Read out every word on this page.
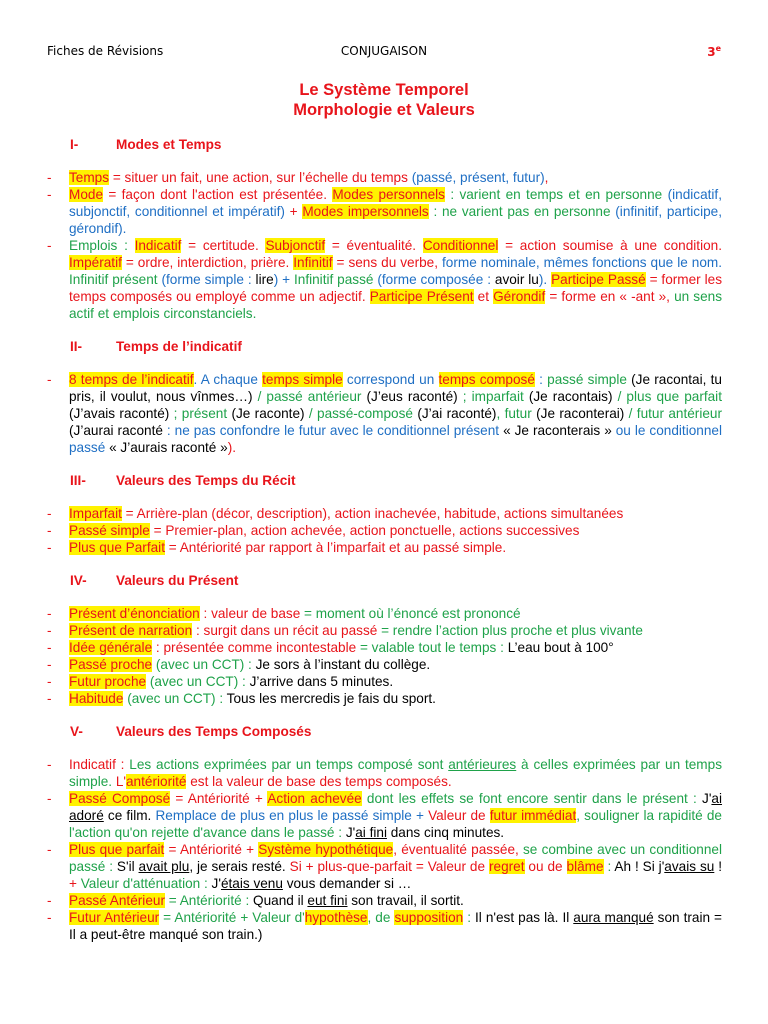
Fiches de Révisions	CONJUGAISON	3e
Le Système Temporel
Morphologie et Valeurs
I-	Modes et Temps
- Temps = situer un fait, une action, sur l’échelle du temps (passé, présent, futur),
- Mode = façon dont l'action est présentée. Modes personnels : varient en temps et en personne (indicatif, subjonctif, conditionnel et impératif) + Modes impersonnels : ne varient pas en personne (infinitif, participe, gérondif).
- Emplois : Indicatif = certitude. Subjonctif = éventualité. Conditionnel = action soumise à une condition. Impératif = ordre, interdiction, prière. Infinitif = sens du verbe, forme nominale, mêmes fonctions que le nom. Infinitif présent (forme simple : lire) + Infinitif passé (forme composée : avoir lu). Participe Passé = former les temps composés ou employé comme un adjectif. Participe Présent et Gérondif = forme en « -ant », un sens actif et emplois circonstanciels.
II- Temps de l’indicatif
- 8 temps de l’indicatif. A chaque temps simple correspond un temps composé : passé simple (Je racontai, tu pris, il voulut, nous vînmes…) / passé antérieur (J’eus raconté) ; imparfait (Je racontais) / plus que parfait (J’avais raconté) ; présent (Je raconte) / passé-composé (J’ai raconté), futur (Je raconterai) / futur antérieur (J’aurai raconté : ne pas confondre le futur avec le conditionnel présent « Je raconterais » ou le conditionnel passé « J’aurais raconté »).
III- Valeurs des Temps du Récit
- Imparfait = Arrière-plan (décor, description), action inachevée, habitude, actions simultanées
- Passé simple = Premier-plan, action achevée, action ponctuelle, actions successives
- Plus que Parfait = Antériorité par rapport à l’imparfait et au passé simple.
IV- Valeurs du Présent
- Présent d’énonciation : valeur de base = moment où l’énoncé est prononcé
- Présent de narration : surgit dans un récit au passé = rendre l’action plus proche et plus vivante
- Idée générale : présentée comme incontestable = valable tout le temps : L’eau bout à 100°
- Passé proche (avec un CCT) : Je sors à l’instant du collège.
- Futur proche (avec un CCT) : J’arrive dans 5 minutes.
- Habitude (avec un CCT) : Tous les mercredis je fais du sport.
V- Valeurs des Temps Composés
- Indicatif : Les actions exprimées par un temps composé sont antérieures à celles exprimées par un temps simple. L'antériorité est la valeur de base des temps composés.
- Passé Composé = Antériorité + Action achevée dont les effets se font encore sentir dans le présent : J'ai adoré ce film. Remplace de plus en plus le passé simple + Valeur de futur immédiat, souligner la rapidité de l'action qu'on rejette d'avance dans le passé : J'ai fini dans cinq minutes.
- Plus que parfait = Antériorité + Système hypothétique, éventualité passée, se combine avec un conditionnel passé : S'il avait plu, je serais resté. Si + plus-que-parfait = Valeur de regret ou de blâme : Ah ! Si j'avais su ! + Valeur d'atténuation : J'étais venu vous demander si …
- Passé Antérieur = Antériorité : Quand il eut fini son travail, il sortit.
- Futur Antérieur = Antériorité + Valeur d'hypothèse, de supposition : Il n'est pas là. Il aura manqué son train = Il a peut-être manqué son train.)
